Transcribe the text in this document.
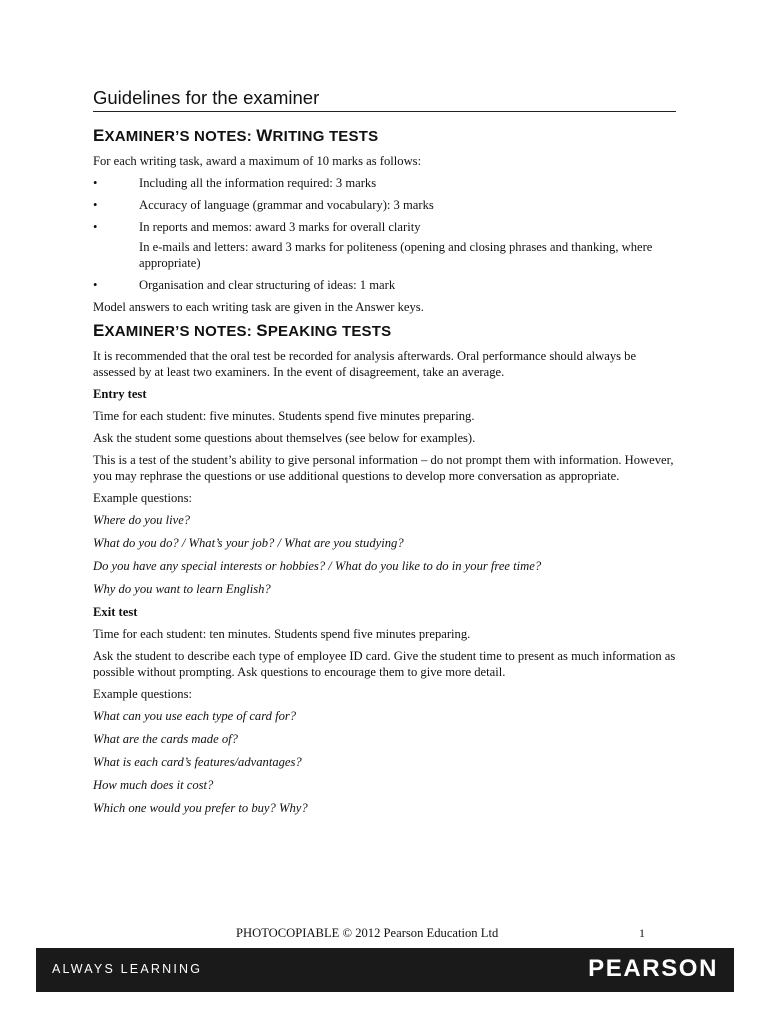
Guidelines for the examiner
EXAMINER’S NOTES: WRITING TESTS

For each writing task, award a maximum of 10 marks as follows:

•	Including all the information required: 3 marks
•	Accuracy of language (grammar and vocabulary): 3 marks
•	In reports and memos: award 3 marks for overall clarity
In e-mails and letters: award 3 marks for politeness (opening and closing phrases and thanking, where appropriate)
•	Organisation and clear structuring of ideas: 1 mark

Model answers to each writing task are given in the Answer keys.

EXAMINER’S NOTES: SPEAKING TESTS

It is recommended that the oral test be recorded for analysis afterwards. Oral performance should always be assessed by at least two examiners. In the event of disagreement, take an average.

Entry test

Time for each student: five minutes. Students spend five minutes preparing.

Ask the student some questions about themselves (see below for examples).

This is a test of the student’s ability to give personal information – do not prompt them with information. However, you may rephrase the questions or use additional questions to develop more conversation as appropriate.

Example questions:

Where do you live?

What do you do? / What’s your job? / What are you studying?

Do you have any special interests or hobbies? / What do you like to do in your free time?

Why do you want to learn English?

Exit test

Time for each student: ten minutes. Students spend five minutes preparing.

Ask the student to describe each type of employee ID card. Give the student time to present as much information as possible without prompting. Ask questions to encourage them to give more detail.

Example questions:

What can you use each type of card for?

What are the cards made of?

What is each card’s features/advantages?

How much does it cost?

Which one would you prefer to buy? Why?

PHOTOCOPIABLE © 2012 Pearson Education Ltd	1
ALWAYS LEARNING	PEARSON
